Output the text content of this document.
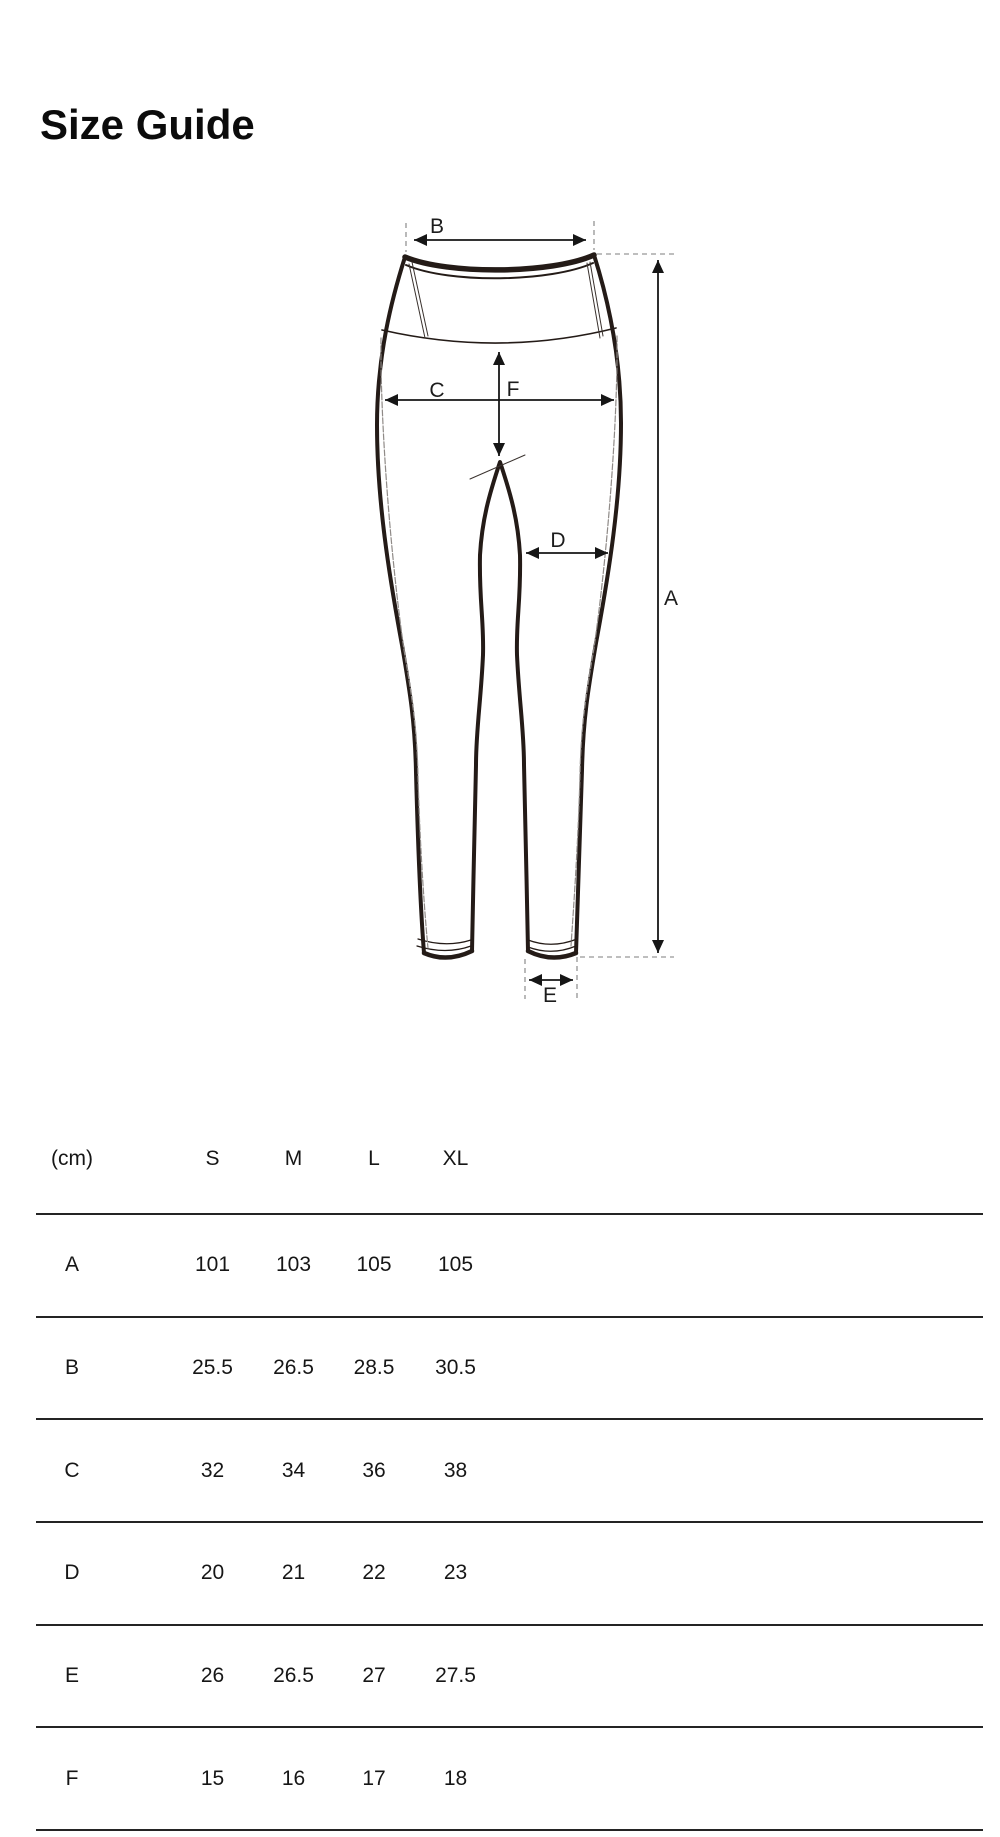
Size Guide
B
C	F
D
A
E
(cm)	S	M	L	XL
A	101	103	105	105
B	25.5	26.5	28.5	30.5
C	32	34	36	38
D	20	21	22	23
E	26	26.5	27	27.5
F	15	16	17	18
